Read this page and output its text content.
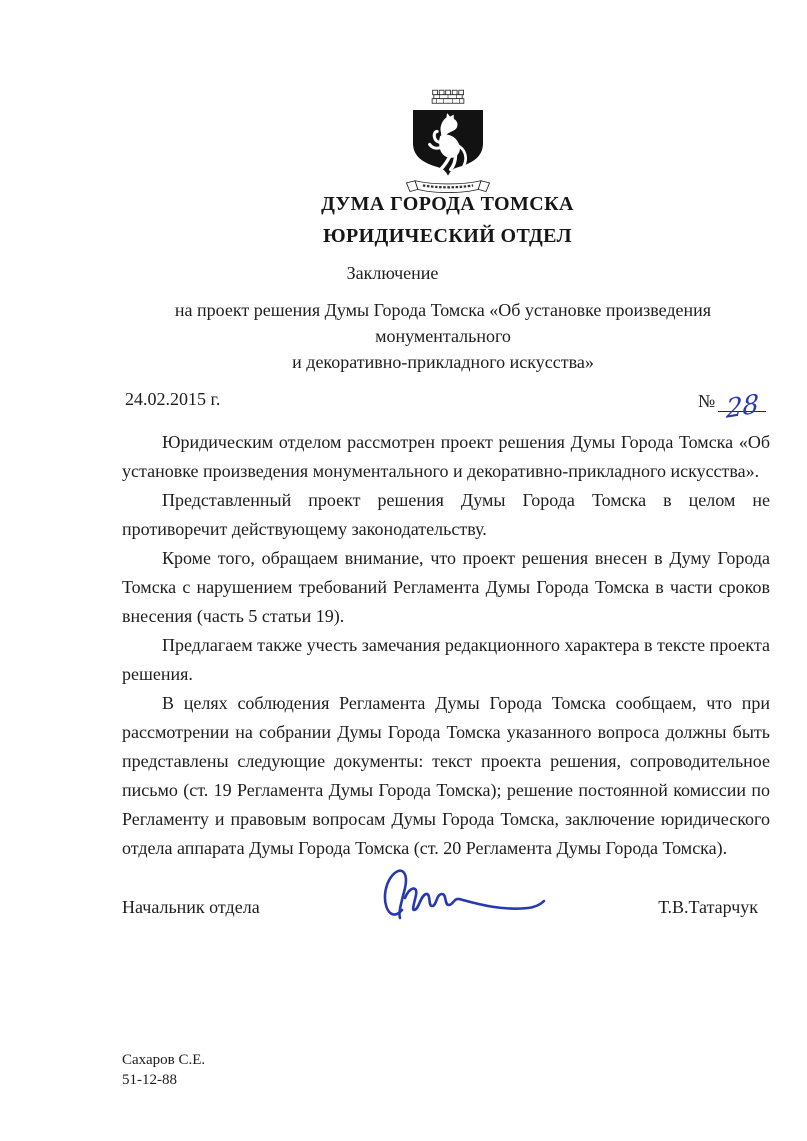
ДУМА ГОРОДА ТОМСКА
ЮРИДИЧЕСКИЙ ОТДЕЛ
Заключение
на проект решения Думы Города Томска «Об установке произведения монументального
и декоративно-прикладного искусства»
24.02.2015 г.	№ 28

Юридическим отделом рассмотрен проект решения Думы Города Томска «Об установке произведения монументального и декоративно-прикладного искусства».

Представленный проект решения Думы Города Томска в целом не противоречит действующему законодательству.

Кроме того, обращаем внимание, что проект решения внесен в Думу Города Томска с нарушением требований Регламента Думы Города Томска в части сроков внесения (часть 5 статьи 19).

Предлагаем также учесть замечания редакционного характера в тексте проекта решения.

В целях соблюдения Регламента Думы Города Томска сообщаем, что при рассмотрении на собрании Думы Города Томска указанного вопроса должны быть представлены следующие документы: текст проекта решения, сопроводительное письмо (ст. 19 Регламента Думы Города Томска); решение постоянной комиссии по Регламенту и правовым вопросам Думы Города Томска, заключение юридического отдела аппарата Думы Города Томска (ст. 20 Регламента Думы Города Томска).

Начальник отдела	Т.В.Татарчук
Сахаров С.Е.
51-12-88
